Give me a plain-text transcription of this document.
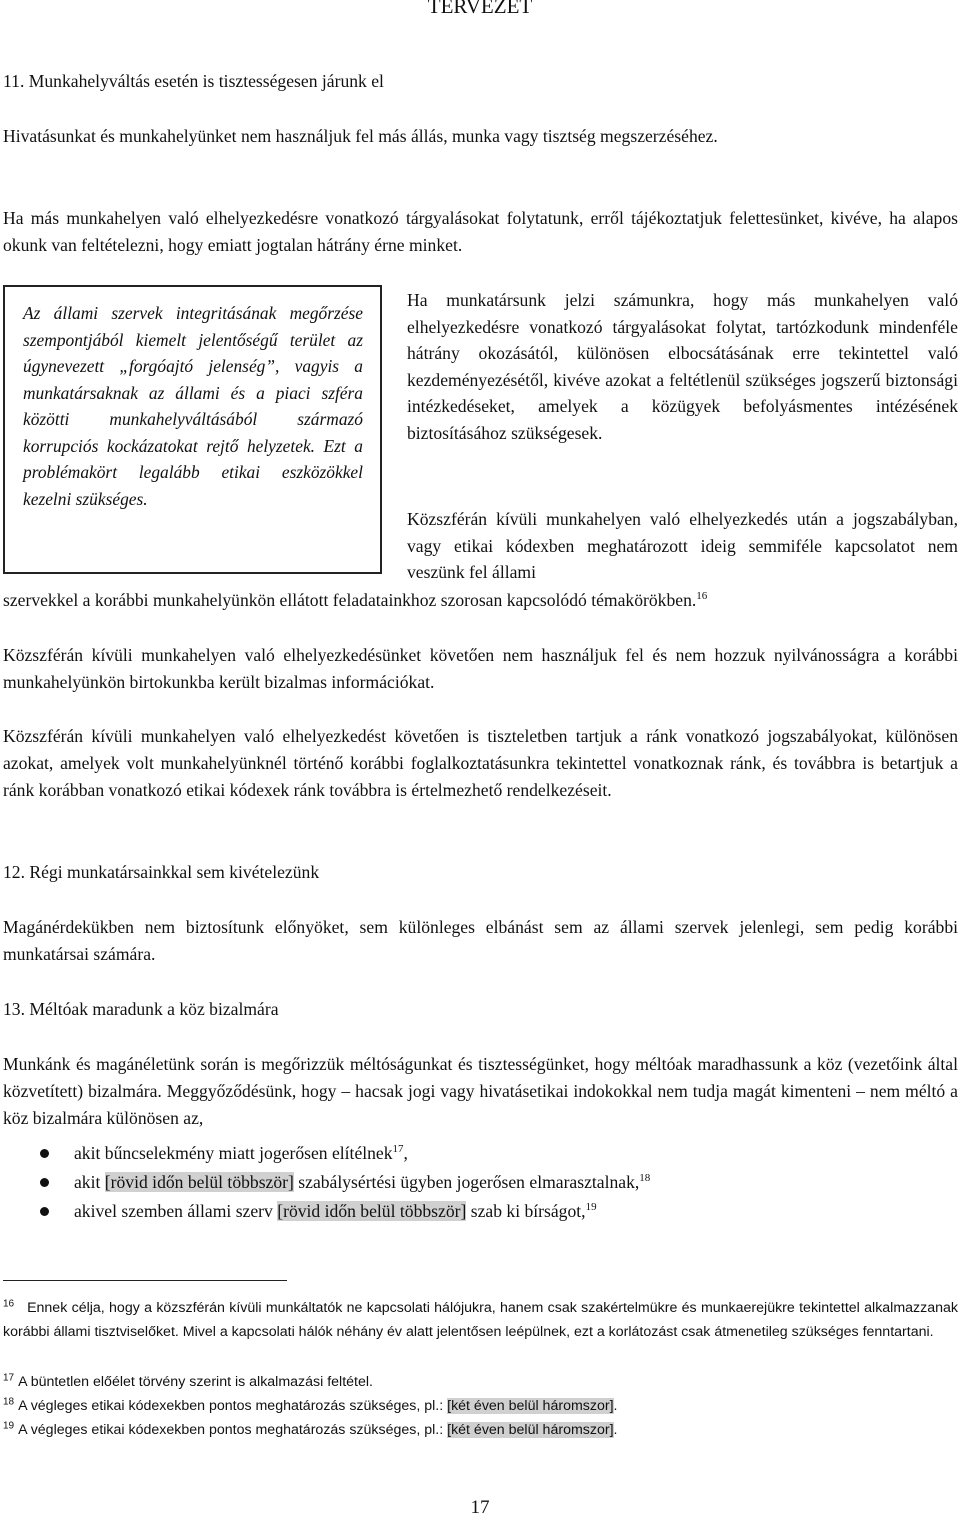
TERVEZET

11. Munkahelyváltás esetén is tisztességesen járunk el

Hivatásunkat és munkahelyünket nem használjuk fel más állás, munka vagy tisztség megszerzéséhez.

Ha más munkahelyen való elhelyezkedésre vonatkozó tárgyalásokat folytatunk, erről tájékoztatjuk felettesünket, kivéve, ha alapos okunk van feltételezni, hogy emiatt jogtalan hátrány érne minket.

Az állami szervek integritásának megőrzése szempontjából kiemelt jelentőségű terület az úgynevezett „forgóajtó jelenség”, vagyis a munkatársaknak az állami és a piaci szféra közötti munkahelyváltásából származó korrupciós kockázatokat rejtő helyzetek. Ezt a problémakört legalább etikai eszközökkel kezelni szükséges.

Ha munkatársunk jelzi számunkra, hogy más munkahelyen való elhelyezkedésre vonatkozó tárgyalásokat folytat, tartózkodunk mindenféle hátrány okozásától, különösen elbocsátásának erre tekintettel való kezdeményezésétől, kivéve azokat a feltétlenül szükséges jogszerű biztonsági intézkedéseket, amelyek a közügyek befolyásmentes intézésének biztosításához szükségesek.

Közszférán kívüli munkahelyen való elhelyezkedés után a jogszabályban, vagy etikai kódexben meghatározott ideig semmiféle kapcsolatot nem veszünk fel állami

szervekkel a korábbi munkahelyünkön ellátott feladatainkhoz szorosan kapcsolódó témakörökben.$^{16}$

Közszférán kívüli munkahelyen való elhelyezkedésünket követően nem használjuk fel és nem hozzuk nyilvánosságra a korábbi munkahelyünkön birtokunkba került bizalmas információkat.

Közszférán kívüli munkahelyen való elhelyezkedést követően is tiszteletben tartjuk a ránk vonatkozó jogszabályokat, különösen azokat, amelyek volt munkahelyünknél történő korábbi foglalkoztatásunkra tekintettel vonatkoznak ránk, és továbbra is betartjuk a ránk korábban vonatkozó etikai kódexek ránk továbbra is értelmezhető rendelkezéseit.

12. Régi munkatársainkkal sem kivételezünk

Magánérdekükben nem biztosítunk előnyöket, sem különleges elbánást sem az állami szervek jelenlegi, sem pedig korábbi munkatársai számára.

13. Méltóak maradunk a köz bizalmára

Munkánk és magánéletünk során is megőrizzük méltóságunkat és tisztességünket, hogy méltóak maradhassunk a köz (vezetőink által közvetített) bizalmára. Meggyőződésünk, hogy – hacsak jogi vagy hivatásetikai indokokkal nem tudja magát kimenteni – nem méltó a köz bizalmára különösen az,

akit bűncselekmény miatt jogerősen elítélnek$^{17}$,
akit [rövid időn belül többször] szabálysértési ügyben jogerősen elmarasztalnak,$^{18}$
akivel szemben állami szerv [rövid időn belül többször] szab ki bírságot,$^{19}$

$^{16}$ Ennek célja, hogy a közszférán kívüli munkáltatók ne kapcsolati hálójukra, hanem csak szakértelmükre és munkaerejükre tekintettel alkalmazzanak korábbi állami tisztviselőket. Mivel a kapcsolati hálók néhány év alatt jelentősen leépülnek, ezt a korlátozást csak átmenetileg szükséges fenntartani.

$^{17}$ A büntetlen előélet törvény szerint is alkalmazási feltétel.

$^{18}$ A végleges etikai kódexekben pontos meghatározás szükséges, pl.: [két éven belül háromszor].

$^{19}$ A végleges etikai kódexekben pontos meghatározás szükséges, pl.: [két éven belül háromszor].

17
